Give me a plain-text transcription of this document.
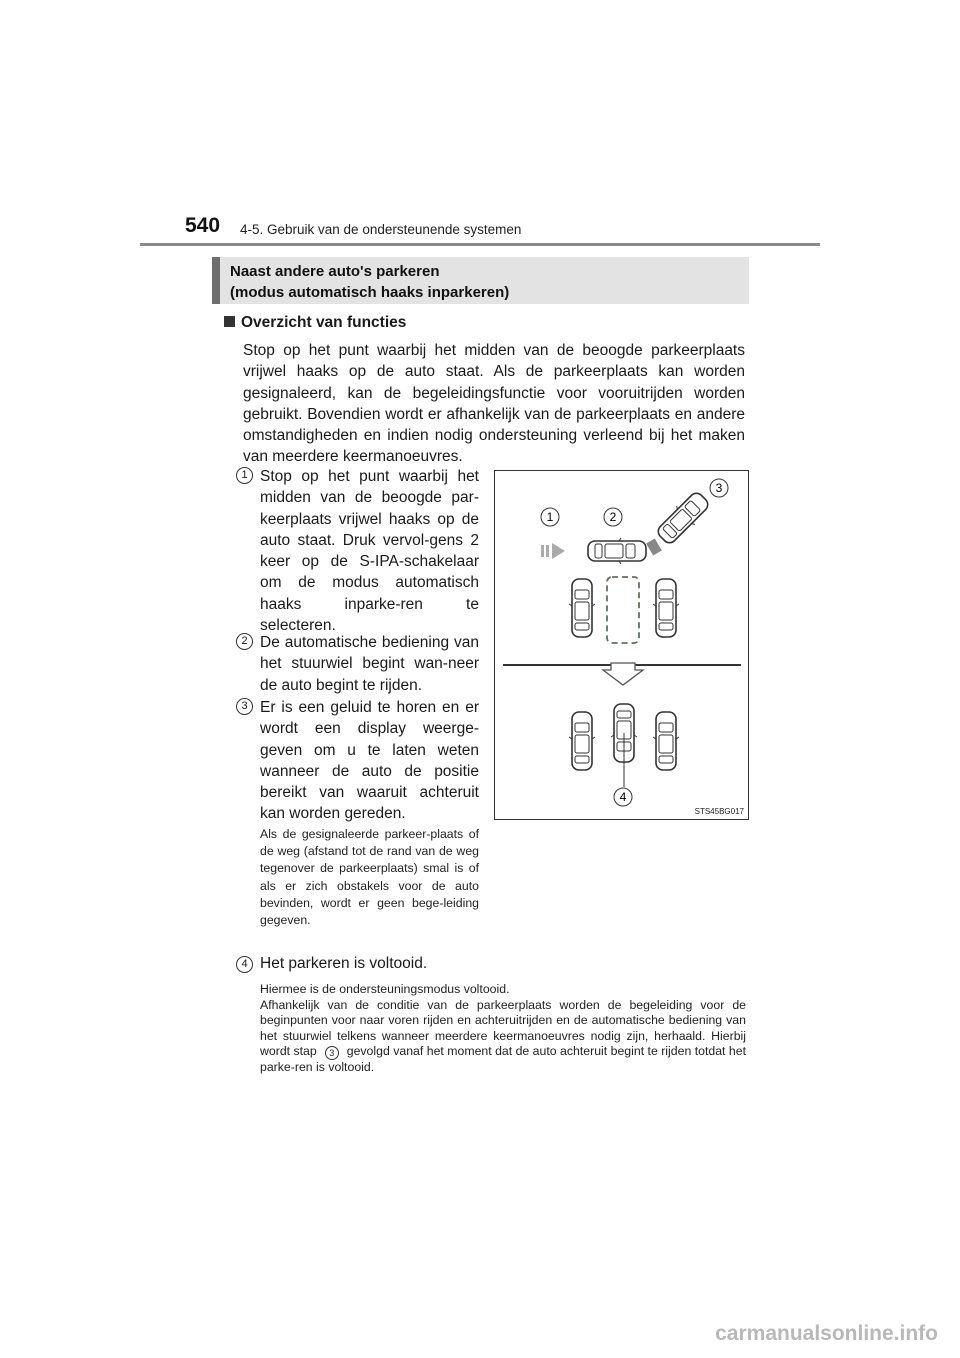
540 4-5. Gebruik van de ondersteunende systemen
Naast andere auto's parkeren
(modus automatisch haaks inparkeren)
Overzicht van functies
Stop op het punt waarbij het midden van de beoogde parkeerplaats vrijwel haaks op de auto staat. Als de parkeerplaats kan worden gesignaleerd, kan de begeleidingsfunctie voor vooruitrijden worden gebruikt. Bovendien wordt er afhankelijk van de parkeerplaats en andere omstandigheden en indien nodig ondersteuning verleend bij het maken van meerdere keermanoeuvres.
1 Stop op het punt waarbij het midden van de beoogde par-keerplaats vrijwel haaks op de auto staat. Druk vervol-gens 2 keer op de S-IPA-schakelaar om de modus automatisch haaks inparke-ren te selecteren.
2 De automatische bediening van het stuurwiel begint wan-neer de auto begint te rijden.
3 Er is een geluid te horen en er wordt een display weerge-geven om u te laten weten wanneer de auto de positie bereikt van waaruit achteruit kan worden gereden.
Als de gesignaleerde parkeer-plaats of de weg (afstand tot de rand van de weg tegenover de parkeerplaats) smal is of als er zich obstakels voor de auto bevinden, wordt er geen bege-leiding gegeven.
4 Het parkeren is voltooid.
Hiermee is de ondersteuningsmodus voltooid.
Afhankelijk van de conditie van de parkeerplaats worden de begeleiding voor de beginpunten voor naar voren rijden en achteruitrijden en de automatische bediening van het stuurwiel telkens wanneer meerdere keermanoeuvres nodig zijn, herhaald. Hierbij wordt stap 3 gevolgd vanaf het moment dat de auto achteruit begint te rijden totdat het parke-ren is voltooid.
1	2
3
4
STS45BG017
carmanualsonline.info
